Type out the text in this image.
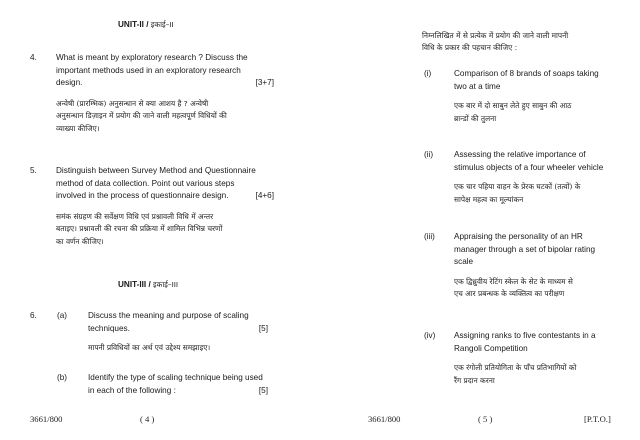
UNIT-II / इकाई–II
4. What is meant by exploratory research ? Discuss the
important methods used in an exploratory research
design.	[3+7]
अन्वेषी (प्रारम्भिक) अनुसन्धान से क्या आशय है ? अन्वेषी
अनुसन्धान डिज़ाइन में प्रयोग की जाने वाली महत्वपूर्ण विधियों की
व्याख्या कीजिए।
5. Distinguish between Survey Method and Questionnaire
method of data collection. Point out various steps
involved in the process of questionnaire design.	[4+6]
समंक संग्रहण की सर्वेक्षण विधि एवं प्रश्नावली विधि में अन्तर
बताइए। प्रश्नावली की रचना की प्रक्रिया में शामिल विभिन्न चरणों
का वर्णन कीजिए।
UNIT-III / इकाई–III
6. (a)	Discuss the meaning and purpose of scaling
techniques.	[5]
मापनी प्रविधियों का अर्थ एवं उद्देश्य समझाइए।
(b)	Identify the type of scaling technique being used
in each of the following :	[5]
3661/800	( 4 )
निम्नलिखित में से प्रत्येक में प्रयोग की जाने वाली मापनी
विधि के प्रकार की पहचान कीजिए :
(i)	Comparison of 8 brands of soaps taking
two at a time
एक बार में दो साबुन लेते हुए साबुन की आठ
ब्रान्डों की तुलना
(ii)	Assessing the relative importance of
stimulus objects of a four wheeler vehicle
एक चार पहिया वाहन के प्रेरक घटकों (तत्वों) के
सापेक्ष महत्व का मूल्यांकन
(iii) Appraising the personality of an HR
manager through a set of bipolar rating
scale
एक द्विध्रुवीय रेटिंग स्केल के सेट के माध्यम से
एच आर प्रबन्धक के व्यक्तित्व का परीक्षण
(iv) Assigning ranks to five contestants in a
Rangoli Competition
एक रंगोली प्रतियोगिता के पाँच प्रतिभागियों को
रैंग प्रदान करना
3661/800	( 5 )	[P.T.O.]
